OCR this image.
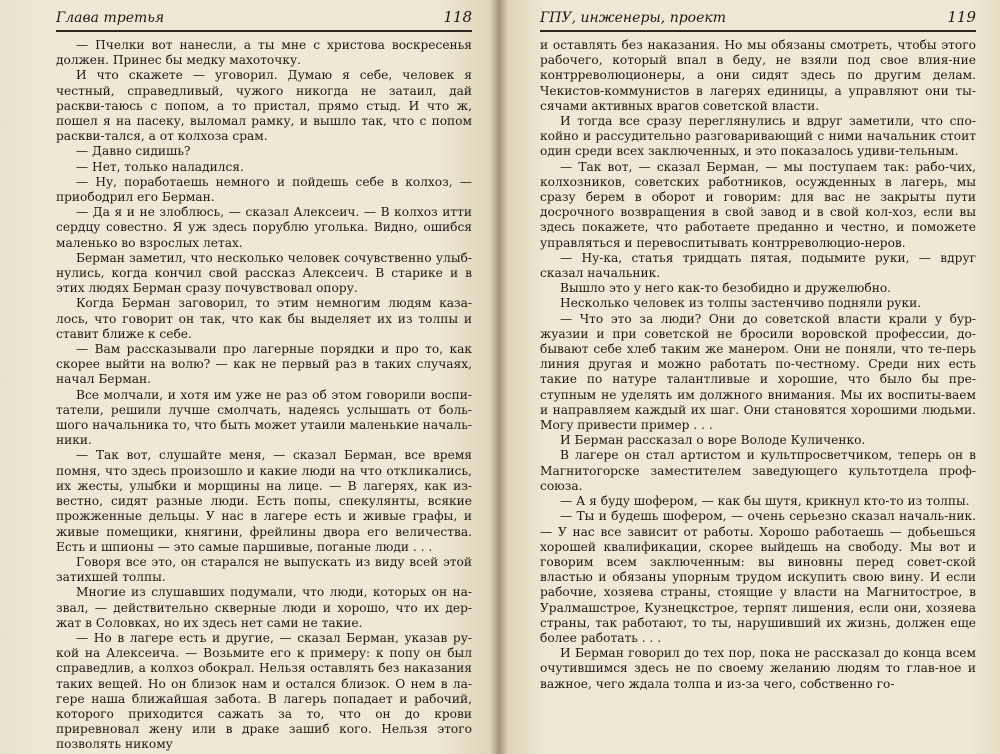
Глава третья	118

— Пчелки вот нанесли, а ты мне с христова воскресенья должен. Принес бы медку махоточку.

И что скажете — уговорил. Думаю я себе, человек я честный, справедливый, чужого никогда не затаил, дай раскви-таюсь с попом, а то пристал, прямо стыд. И что ж, пошел я на пасеку, выломал рамку, и вышло так, что с попом раскви-тался, а от колхоза срам.

— Давно сидишь?

— Нет, только наладился.

— Ну, поработаешь немного и пойдешь себе в колхоз, — приободрил его Берман.

— Да я и не злоблюсь, — сказал Алексеич. — В колхоз итти сердцу совестно. Я уж здесь порублю уголька. Видно, ошибся маленько во взрослых летах.

Берман заметил, что несколько человек сочувственно улыб-нулись, когда кончил свой рассказ Алексеич. В старике и в этих людях Берман сразу почувствовал опору.

Когда Берман заговорил, то этим немногим людям каза-лось, что говорит он так, что как бы выделяет их из толпы и ставит ближе к себе.

— Вам рассказывали про лагерные порядки и про то, как скорее выйти на волю? — как не первый раз в таких случаях, начал Берман.

Все молчали, и хотя им уже не раз об этом говорили воспи-татели, решили лучше смолчать, надеясь услышать от боль-шого начальника то, что быть может утаили маленькие началь-ники.

— Так вот, слушайте меня, — сказал Берман, все время помня, что здесь произошло и какие люди на что откликались, их жесты, улыбки и морщины на лице. — В лагерях, как из-вестно, сидят разные люди. Есть попы, спекулянты, всякие прожженные дельцы. У нас в лагере есть и живые графы, и живые помещики, княгини, фрейлины двора его величества. Есть и шпионы — это самые паршивые, поганые люди . . .

Говоря все это, он старался не выпускать из виду всей этой затихшей толпы.

Многие из слушавших подумали, что люди, которых он на-звал, — действительно скверные люди и хорошо, что их дер-жат в Соловках, но их здесь нет сами не такие.

— Но в лагере есть и другие, — сказал Берман, указав ру-кой на Алексеича. — Возьмите его к примеру: к попу он был справедлив, а колхоз обокрал. Нельзя оставлять без наказания таких вещей. Но он близок нам и остался близок. О нем в ла-гере наша ближайшая забота. В лагерь попадает и рабочий, которого приходится сажать за то, что он до крови приревновал жену или в драке зашиб кого. Нельзя этого позволять никому

ГПУ, инженеры, проект	119

и оставлять без наказания. Но мы обязаны смотреть, чтобы этого рабочего, который впал в беду, не взяли под свое влия-ние контрреволюционеры, а они сидят здесь по другим делам. Чекистов-коммунистов в лагерях единицы, а управляют они ты-сячами активных врагов советской власти.

И тогда все сразу переглянулись и вдруг заметили, что спо-койно и рассудительно разговаривающий с ними начальник стоит один среди всех заключенных, и это показалось удиви-тельным.

— Так вот, — сказал Берман, — мы поступаем так: рабо-чих, колхозников, советских работников, осужденных в лагерь, мы сразу берем в оборот и говорим: для вас не закрыты пути досрочного возвращения в свой завод и в свой кол-хоз, если вы здесь покажете, что работаете преданно и честно, и поможете управляться и перевоспитывать контрреволюцио-неров.

— Ну-ка, статья тридцать пятая, подымите руки, — вдруг сказал начальник.

Вышло это у него как-то безобидно и дружелюбно.

Несколько человек из толпы застенчиво подняли руки.

— Что это за люди? Они до советской власти крали у бур-жуазии и при советской не бросили воровской профессии, до-бывают себе хлеб таким же манером. Они не поняли, что те-перь линия другая и можно работать по-честному. Среди них есть такие по натуре талантливые и хорошие, что было бы пре-ступным не уделять им должного внимания. Мы их воспиты-ваем и направляем каждый их шаг. Они становятся хорошими людьми. Могу привести пример . . .

И Берман рассказал о воре Володе Куличенко.

В лагере он стал артистом и культпросветчиком, теперь он в Магнитогорске заместителем заведующего культотдела проф-союза.

— А я буду шофером, — как бы шутя, крикнул кто-то из толпы.

— Ты и будешь шофером, — очень серьезно сказал началь-ник. — У нас все зависит от работы. Хорошо работаешь — добьешься хорошей квалификации, скорее выйдешь на свободу. Мы вот и говорим всем заключенным: вы виновны перед совет-ской властью и обязаны упорным трудом искупить свою вину. И если рабочие, хозяева страны, стоящие у власти на Магнитострое, в Уралмашстрое, Кузнецкстрое, терпят лишения, если они, хозяева страны, так работают, то ты, нарушивший их жизнь, должен еще более работать . . .

И Берман говорил до тех пор, пока не рассказал до конца всем очутившимся здесь не по своему желанию людям то глав-ное и важное, чего ждала толпа и из-за чего, собственно го-
